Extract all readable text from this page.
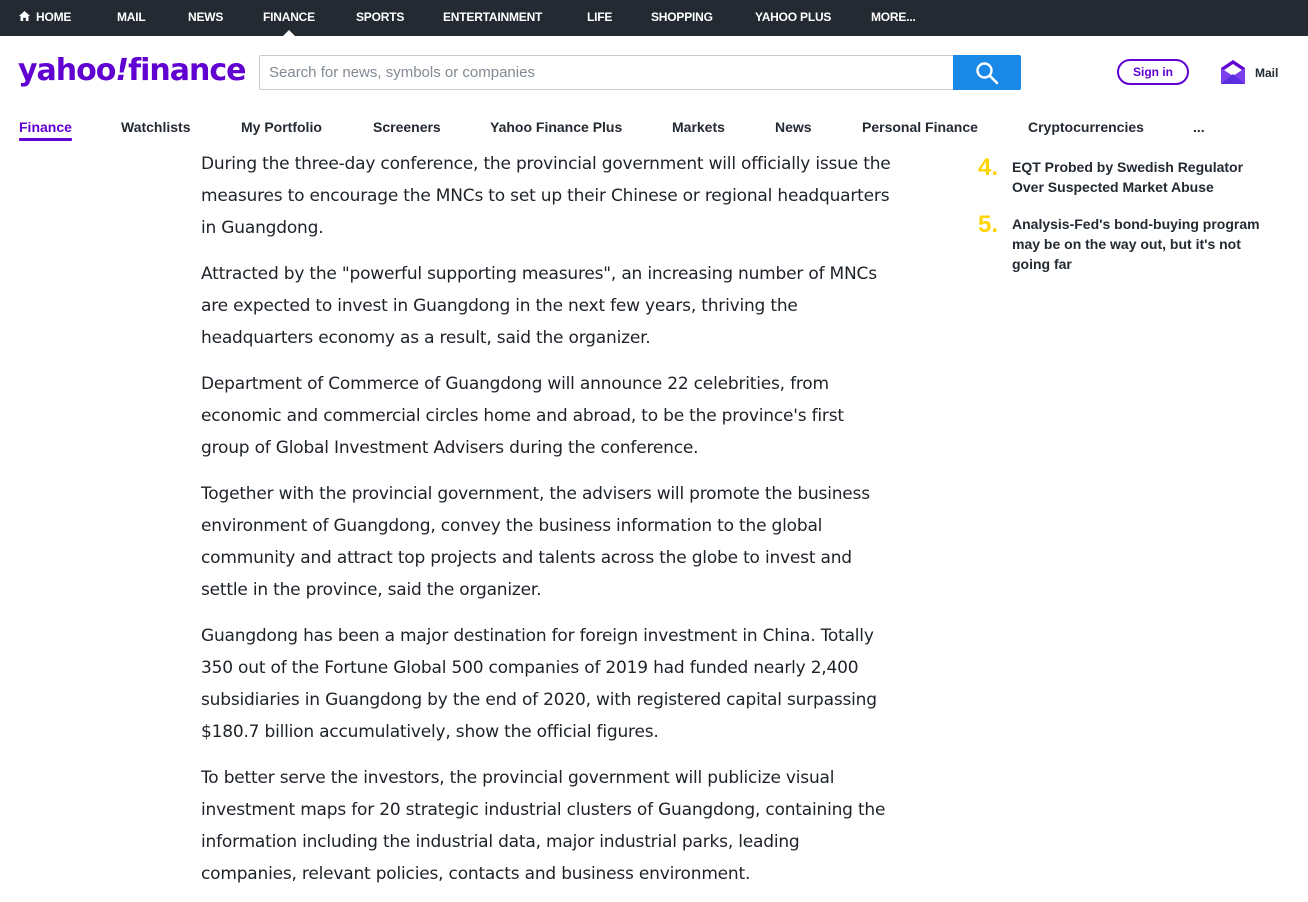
HOME	MAIL	NEWS	FINANCE	SPORTS	ENTERTAINMENT	LIFE	SHOPPING	YAHOO PLUS	MORE...
yahoo!finance
Search for news, symbols or companies	Sign in	Mail
Finance	Watchlists	My Portfolio	Screeners	Yahoo Finance Plus	Markets	News	Personal Finance	Cryptocurrencies	...

During the three-day conference, the provincial government will officially issue the measures to encourage the MNCs to set up their Chinese or regional headquarters in Guangdong.

Attracted by the "powerful supporting measures", an increasing number of MNCs are expected to invest in Guangdong in the next few years, thriving the headquarters economy as a result, said the organizer.

Department of Commerce of Guangdong will announce 22 celebrities, from economic and commercial circles home and abroad, to be the province's first group of Global Investment Advisers during the conference.

Together with the provincial government, the advisers will promote the business environment of Guangdong, convey the business information to the global community and attract top projects and talents across the globe to invest and settle in the province, said the organizer.

Guangdong has been a major destination for foreign investment in China. Totally 350 out of the Fortune Global 500 companies of 2019 had funded nearly 2,400 subsidiaries in Guangdong by the end of 2020, with registered capital surpassing $180.7 billion accumulatively, show the official figures.

To better serve the investors, the provincial government will publicize visual investment maps for 20 strategic industrial clusters of Guangdong, containing the information including the industrial data, major industrial parks, leading companies, relevant policies, contacts and business environment.

4. EQT Probed by Swedish Regulator Over Suspected Market Abuse
5. Analysis-Fed's bond-buying program may be on the way out, but it's not going far
